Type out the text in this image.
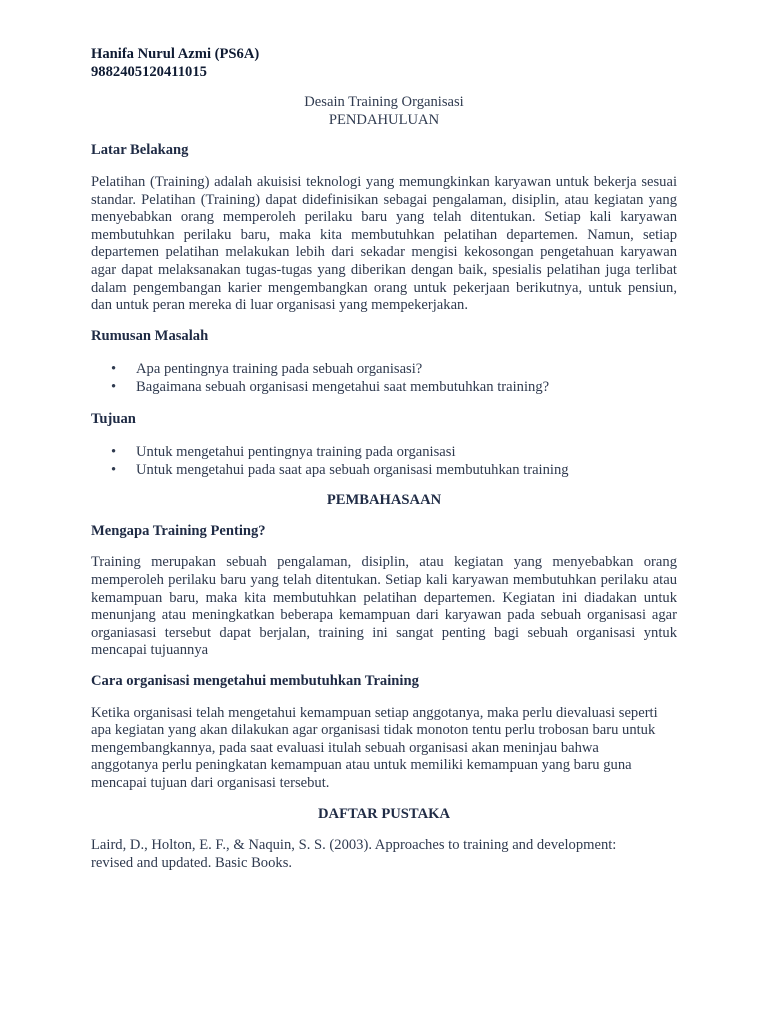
Hanifa Nurul Azmi (PS6A)
9882405120411015
Desain Training Organisasi
PENDAHULUAN
Latar Belakang

Pelatihan (Training) adalah akuisisi teknologi yang memungkinkan karyawan untuk bekerja sesuai standar. Pelatihan (Training) dapat didefinisikan sebagai pengalaman, disiplin, atau kegiatan yang menyebabkan orang memperoleh perilaku baru yang telah ditentukan. Setiap kali karyawan membutuhkan perilaku baru, maka kita membutuhkan pelatihan departemen. Namun, setiap departemen pelatihan melakukan lebih dari sekadar mengisi kekosongan pengetahuan karyawan agar dapat melaksanakan tugas-tugas yang diberikan dengan baik, spesialis pelatihan juga terlibat dalam pengembangan karier mengembangkan orang untuk pekerjaan berikutnya, untuk pensiun, dan untuk peran mereka di luar organisasi yang mempekerjakan.

Rumusan Masalah
• Apa pentingnya training pada sebuah organisasi?
• Bagaimana sebuah organisasi mengetahui saat membutuhkan training?
Tujuan
• Untuk mengetahui pentingnya training pada organisasi
• Untuk mengetahui pada saat apa sebuah organisasi membutuhkan training
PEMBAHASAAN
Mengapa Training Penting?

Training merupakan sebuah pengalaman, disiplin, atau kegiatan yang menyebabkan orang memperoleh perilaku baru yang telah ditentukan. Setiap kali karyawan membutuhkan perilaku atau kemampuan baru, maka kita membutuhkan pelatihan departemen. Kegiatan ini diadakan untuk menunjang atau meningkatkan beberapa kemampuan dari karyawan pada sebuah organisasi agar organiasasi tersebut dapat berjalan, training ini sangat penting bagi sebuah organisasi yntuk mencapai tujuannya

Cara organisasi mengetahui membutuhkan Training
Ketika organisasi telah mengetahui kemampuan setiap anggotanya, maka perlu dievaluasi seperti
apa kegiatan yang akan dilakukan agar organisasi tidak monoton tentu perlu trobosan baru untuk
mengembangkannya, pada saat evaluasi itulah sebuah organisasi akan meninjau bahwa
anggotanya perlu peningkatan kemampuan atau untuk memiliki kemampuan yang baru guna
mencapai tujuan dari organisasi tersebut.
DAFTAR PUSTAKA
Laird, D., Holton, E. F., & Naquin, S. S. (2003). Approaches to training and development:
revised and updated. Basic Books.
